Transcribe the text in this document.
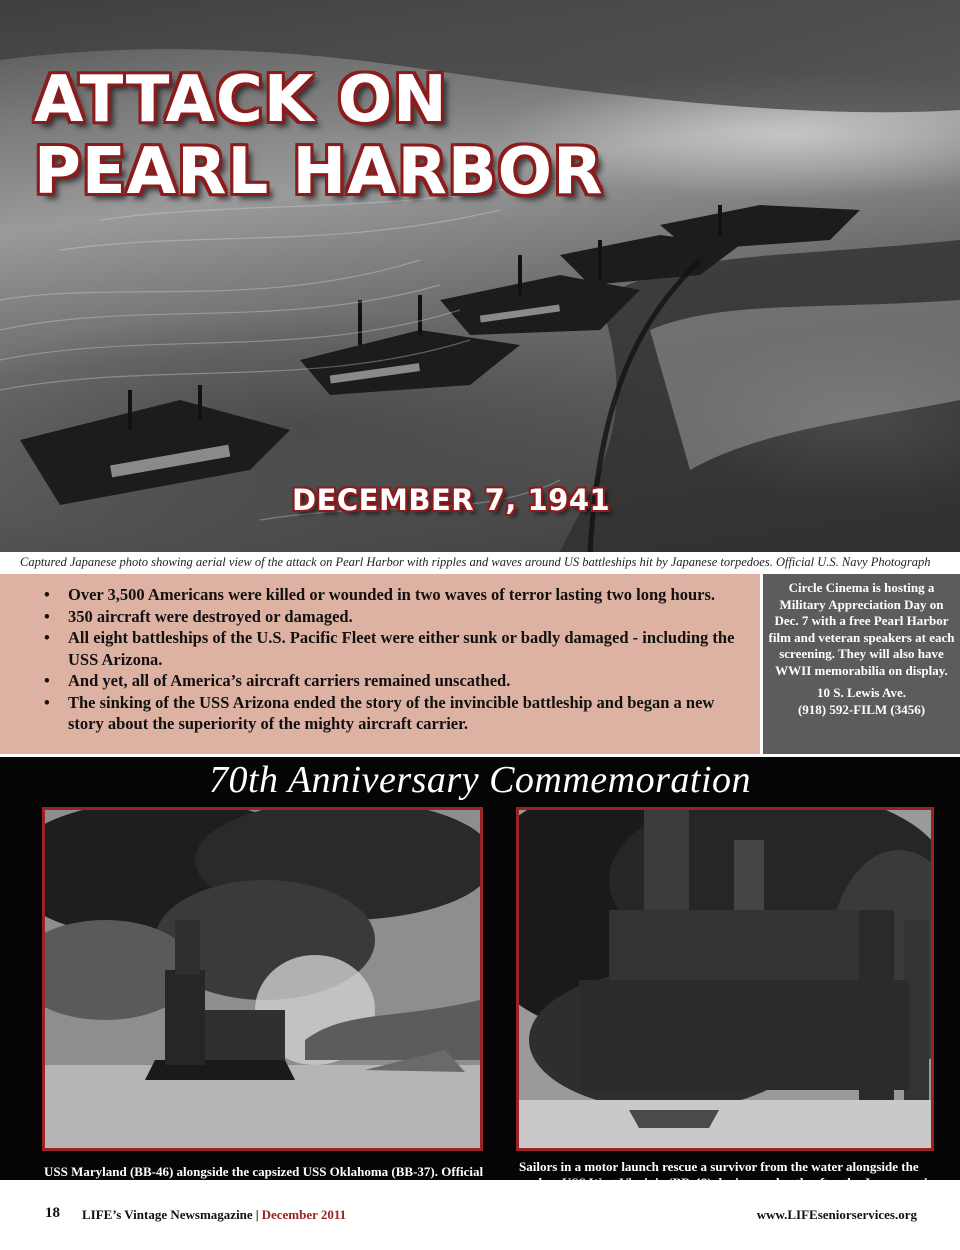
ATTACK ON
PEARL HARBOR
DECEMBER 7, 1941
Captured Japanese photo showing aerial view of the attack on Pearl Harbor with ripples and waves around US battleships hit by Japanese torpedoes. Official U.S. Navy Photograph
• Over 3,500 Americans were killed or wounded in two waves of terror lasting two long hours.
• 350 aircraft were destroyed or damaged.
• All eight battleships of the U.S. Pacific Fleet were either sunk or badly damaged - including the USS Arizona.
• And yet, all of America’s aircraft carriers remained unscathed.
• The sinking of the USS Arizona ended the story of the invincible battleship and began a new story about the superiority of the mighty aircraft carrier.
Circle Cinema is hosting a Military Appreciation Day on Dec. 7 with a free Pearl Harbor film and veteran speakers at each screening. They will also have WWII memorabilia on display.
10 S. Lewis Ave.
(918) 592-FILM (3456)
70th Anniversary Commemoration
USS Maryland (BB-46) alongside the capsized USS Oklahoma (BB-37). Official	Sailors in a motor launch rescue a survivor from the water alongside the
18 LIFE’s Vintage Newsmagazine | December 2011	www.LIFEseniorservices.org
